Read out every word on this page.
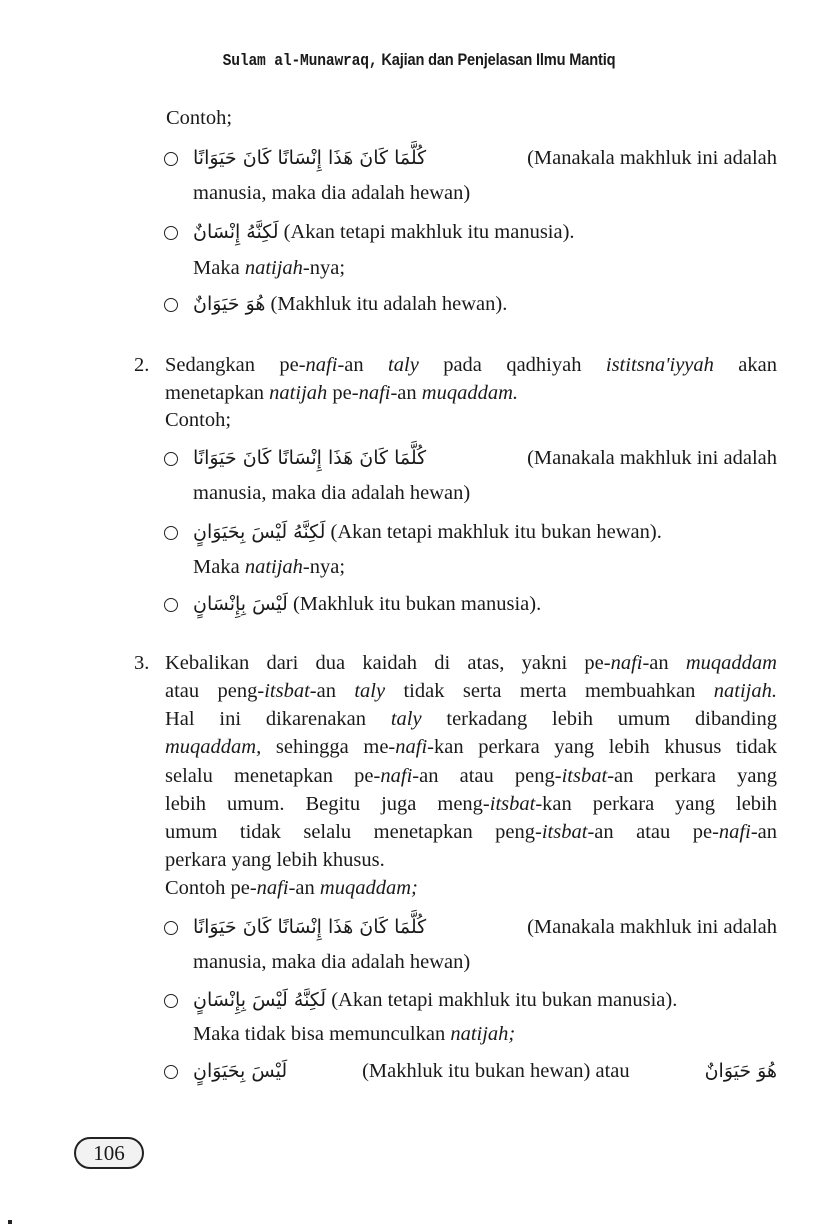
Sulam al-Munawraq, Kajian dan Penjelasan Ilmu Mantiq
Contoh;
كُلَّمَا كَانَ هَذَا إِنْسَانًا كَانَ حَيَوَانًا	(Manakala makhluk ini adalah
manusia, maka dia adalah hewan)
لَكِنَّهُ إِنْسَانٌ (Akan tetapi makhluk itu manusia).
Maka natijah-nya;
هُوَ حَيَوَانٌ (Makhluk itu adalah hewan).
2. Sedangkan pe-nafi-an taly pada qadhiyah istitsna'iyyah akan
menetapkan natijah pe-nafi-an muqaddam.
Contoh;
كُلَّمَا كَانَ هَذَا إِنْسَانًا كَانَ حَيَوَانًا	(Manakala makhluk ini adalah
manusia, maka dia adalah hewan)
لَكِنَّهُ لَيْسَ بِحَيَوَانٍ (Akan tetapi makhluk itu bukan hewan).
Maka natijah-nya;
لَيْسَ بِإِنْسَانٍ (Makhluk itu bukan manusia).
3. Kebalikan dari dua kaidah di atas, yakni pe-nafi-an muqaddam
atau peng-itsbat-an taly tidak serta merta membuahkan natijah.
Hal ini dikarenakan taly terkadang lebih umum dibanding
muqaddam, sehingga me-nafi-kan perkara yang lebih khusus tidak
selalu menetapkan pe-nafi-an atau peng-itsbat-an perkara yang
lebih umum. Begitu juga meng-itsbat-kan perkara yang lebih
umum tidak selalu menetapkan peng-itsbat-an atau pe-nafi-an
perkara yang lebih khusus.
Contoh pe-nafi-an muqaddam;
كُلَّمَا كَانَ هَذَا إِنْسَانًا كَانَ حَيَوَانًا	(Manakala makhluk ini adalah
manusia, maka dia adalah hewan)
لَكِنَّهُ لَيْسَ بِإِنْسَانٍ (Akan tetapi makhluk itu bukan manusia).
Maka tidak bisa memunculkan natijah;
لَيْسَ بِحَيَوَانٍ	(Makhluk itu bukan hewan) atau	هُوَ حَيَوَانٌ
106
